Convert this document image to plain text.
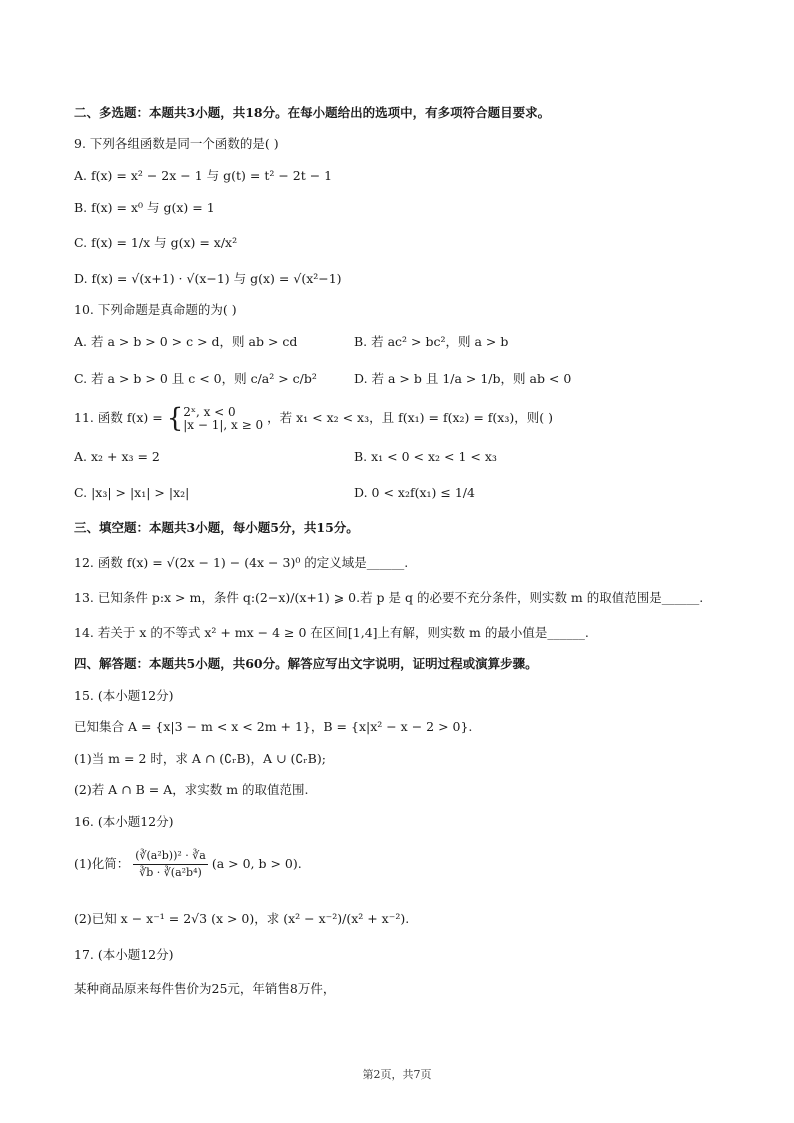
二、多选题：本题共3小题，共18分。在每小题给出的选项中，有多项符合题目要求。
9. 下列各组函数是同一个函数的是( )
A. f(x) = x² − 2x − 1 与 g(t) = t² − 2t − 1
B. f(x) = x⁰ 与 g(x) = 1
C. f(x) = 1/x 与 g(x) = x/x²
D. f(x) = √(x+1) · √(x−1) 与 g(x) = √(x²−1)
10. 下列命题是真命题的为( )
A. 若 a > b > 0 > c > d，则 ab > cd	B. 若 ac² > bc²，则 a > b
C. 若 a > b > 0 且 c < 0，则 c/a² > c/b²	D. 若 a > b 且 1/a > 1/b，则 ab < 0
11. 函数 f(x) = {2ˣ, x < 0
|x − 1|, x ≥ 0 ，若 x₁ < x₂ < x₃，且 f(x₁) = f(x₂) = f(x₃)，则( )
A. x₂ + x₃ = 2	B. x₁ < 0 < x₂ < 1 < x₃
C. |x₃| > |x₁| > |x₂|	D. 0 < x₂f(x₁) ≤ 1/4
三、填空题：本题共3小题，每小题5分，共15分。
12. 函数 f(x) = √(2x − 1) − (4x − 3)⁰ 的定义域是______.
13. 已知条件 p:x > m，条件 q:(2−x)/(x+1) ⩾ 0.若 p 是 q 的必要不充分条件，则实数 m 的取值范围是______.
14. 若关于 x 的不等式 x² + mx − 4 ≥ 0 在区间[1,4]上有解，则实数 m 的最小值是______.
四、解答题：本题共5小题，共60分。解答应写出文字说明，证明过程或演算步骤。
15. (本小题12分)
已知集合 A = {x|3 − m < x < 2m + 1}，B = {x|x² − x − 2 > 0}.
(1)当 m = 2 时，求 A ∩ (∁ᵣB)，A ∪ (∁ᵣB);
(2)若 A ∩ B = A，求实数 m 的取值范围.
16. (本小题12分)
(1)化简： $\frac{\text{(∛(a²b))² · ∛a}}{\text{∛b · ∛(a²b⁴)}} (a > 0$, b > 0).
(2)已知 x − x⁻¹ = 2√3 (x > 0)，求 (x² − x⁻²)/(x² + x⁻²).
17. (本小题12分)
某种商品原来每件售价为25元，年销售8万件，
第2页，共7页
